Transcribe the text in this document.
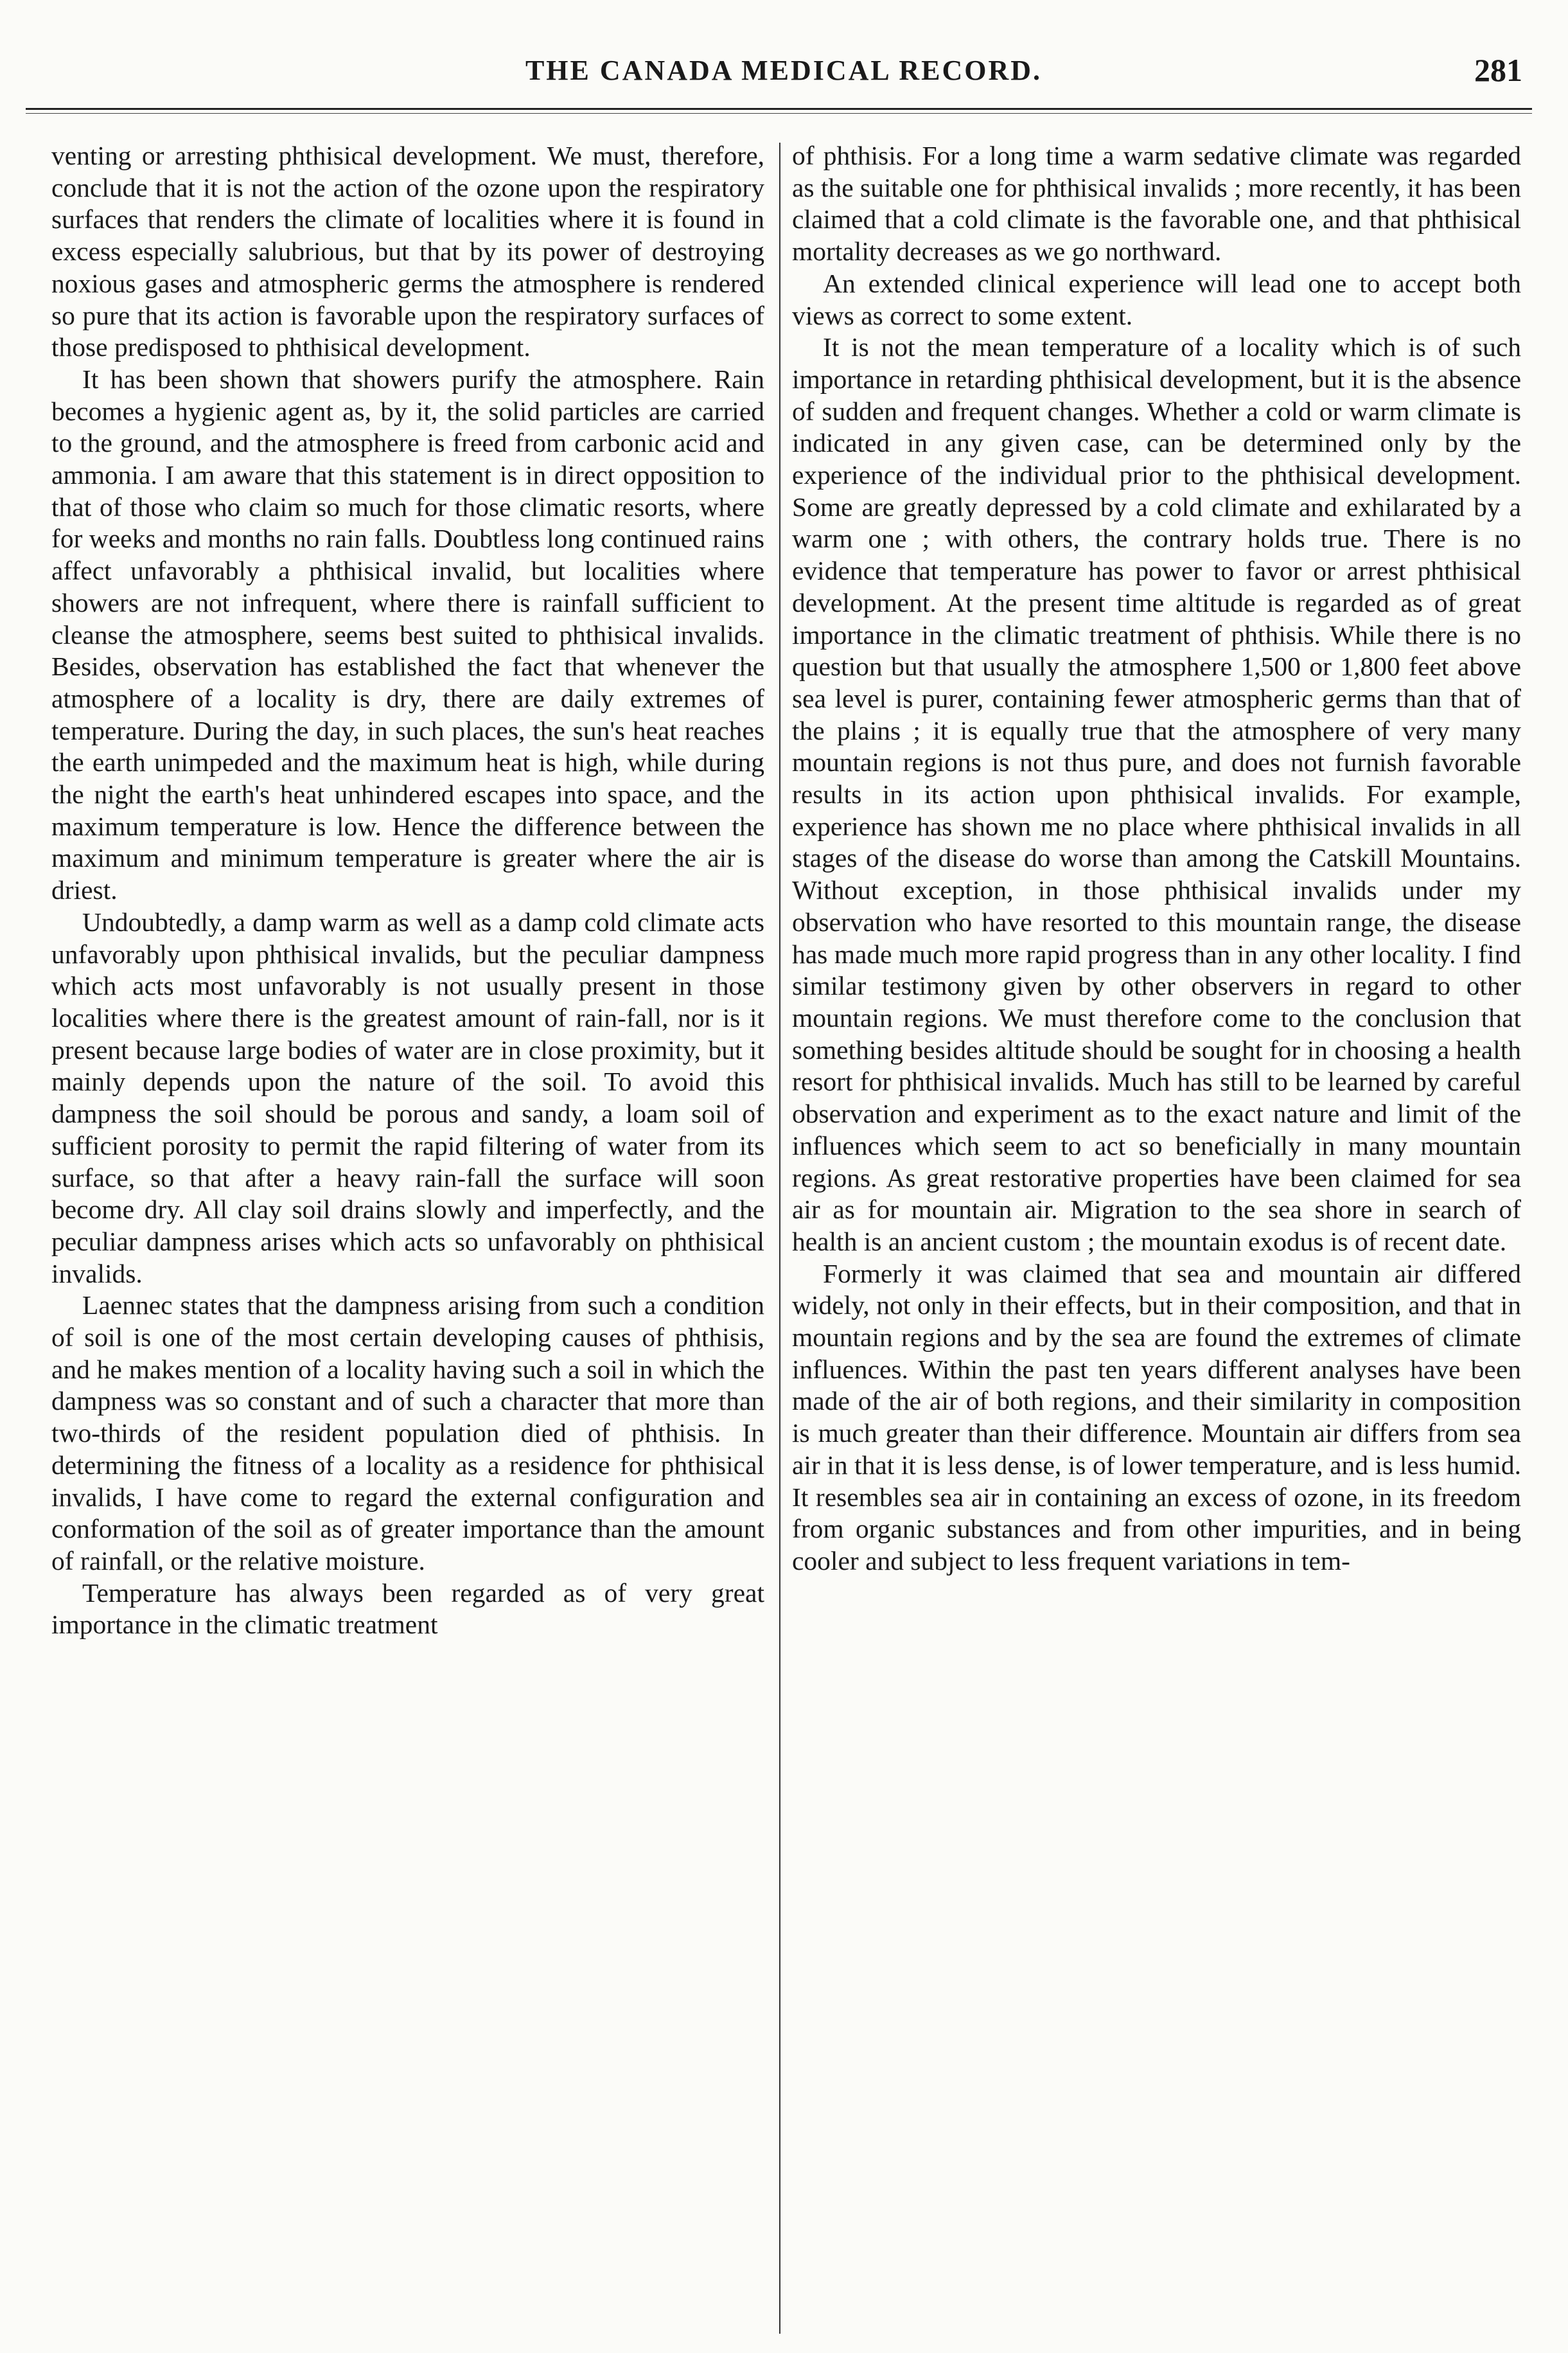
THE CANADA MEDICAL RECORD.	281

venting or arresting phthisical development. We must, therefore, conclude that it is not the action of the ozone upon the respiratory surfaces that renders the climate of localities where it is found in excess especially salubrious, but that by its power of destroying noxious gases and atmospheric germs the atmosphere is rendered so pure that its action is favorable upon the respiratory surfaces of those predisposed to phthisical development.

It has been shown that showers purify the atmosphere. Rain becomes a hygienic agent as, by it, the solid particles are carried to the ground, and the atmosphere is freed from carbonic acid and ammonia. I am aware that this statement is in direct opposition to that of those who claim so much for those climatic resorts, where for weeks and months no rain falls. Doubtless long continued rains affect unfavorably a phthisical invalid, but localities where showers are not infrequent, where there is rainfall sufficient to cleanse the atmosphere, seems best suited to phthisical invalids. Besides, observation has established the fact that whenever the atmosphere of a locality is dry, there are daily extremes of temperature. During the day, in such places, the sun's heat reaches the earth unimpeded and the maximum heat is high, while during the night the earth's heat unhindered escapes into space, and the maximum temperature is low. Hence the difference between the maximum and minimum temperature is greater where the air is driest.

Undoubtedly, a damp warm as well as a damp cold climate acts unfavorably upon phthisical invalids, but the peculiar dampness which acts most unfavorably is not usually present in those localities where there is the greatest amount of rain-fall, nor is it present because large bodies of water are in close proximity, but it mainly depends upon the nature of the soil. To avoid this dampness the soil should be porous and sandy, a loam soil of sufficient porosity to permit the rapid filtering of water from its surface, so that after a heavy rain-fall the surface will soon become dry. All clay soil drains slowly and imperfectly, and the peculiar dampness arises which acts so unfavorably on phthisical invalids.

Laennec states that the dampness arising from such a condition of soil is one of the most certain developing causes of phthisis, and he makes mention of a locality having such a soil in which the dampness was so constant and of such a character that more than two-thirds of the resident population died of phthisis. In determining the fitness of a locality as a residence for phthisical invalids, I have come to regard the external configuration and conformation of the soil as of greater importance than the amount of rainfall, or the relative moisture.

Temperature has always been regarded as of very great importance in the climatic treatment

of phthisis. For a long time a warm sedative climate was regarded as the suitable one for phthisical invalids ; more recently, it has been claimed that a cold climate is the favorable one, and that phthisical mortality decreases as we go northward.

An extended clinical experience will lead one to accept both views as correct to some extent.

It is not the mean temperature of a locality which is of such importance in retarding phthisical development, but it is the absence of sudden and frequent changes. Whether a cold or warm climate is indicated in any given case, can be determined only by the experience of the individual prior to the phthisical development. Some are greatly depressed by a cold climate and exhilarated by a warm one ; with others, the contrary holds true. There is no evidence that temperature has power to favor or arrest phthisical development. At the present time altitude is regarded as of great importance in the climatic treatment of phthisis. While there is no question but that usually the atmosphere 1,500 or 1,800 feet above sea level is purer, containing fewer atmospheric germs than that of the plains ; it is equally true that the atmosphere of very many mountain regions is not thus pure, and does not furnish favorable results in its action upon phthisical invalids. For example, experience has shown me no place where phthisical invalids in all stages of the disease do worse than among the Catskill Mountains. Without exception, in those phthisical invalids under my observation who have resorted to this mountain range, the disease has made much more rapid progress than in any other locality. I find similar testimony given by other observers in regard to other mountain regions. We must therefore come to the conclusion that something besides altitude should be sought for in choosing a health resort for phthisical invalids. Much has still to be learned by careful observation and experiment as to the exact nature and limit of the influences which seem to act so beneficially in many mountain regions. As great restorative properties have been claimed for sea air as for mountain air. Migration to the sea shore in search of health is an ancient custom ; the mountain exodus is of recent date.

Formerly it was claimed that sea and mountain air differed widely, not only in their effects, but in their composition, and that in mountain regions and by the sea are found the extremes of climate influences. Within the past ten years different analyses have been made of the air of both regions, and their similarity in composition is much greater than their difference. Mountain air differs from sea air in that it is less dense, is of lower temperature, and is less humid. It resembles sea air in containing an excess of ozone, in its freedom from organic substances and from other impurities, and in being cooler and subject to less frequent variations in tem-
